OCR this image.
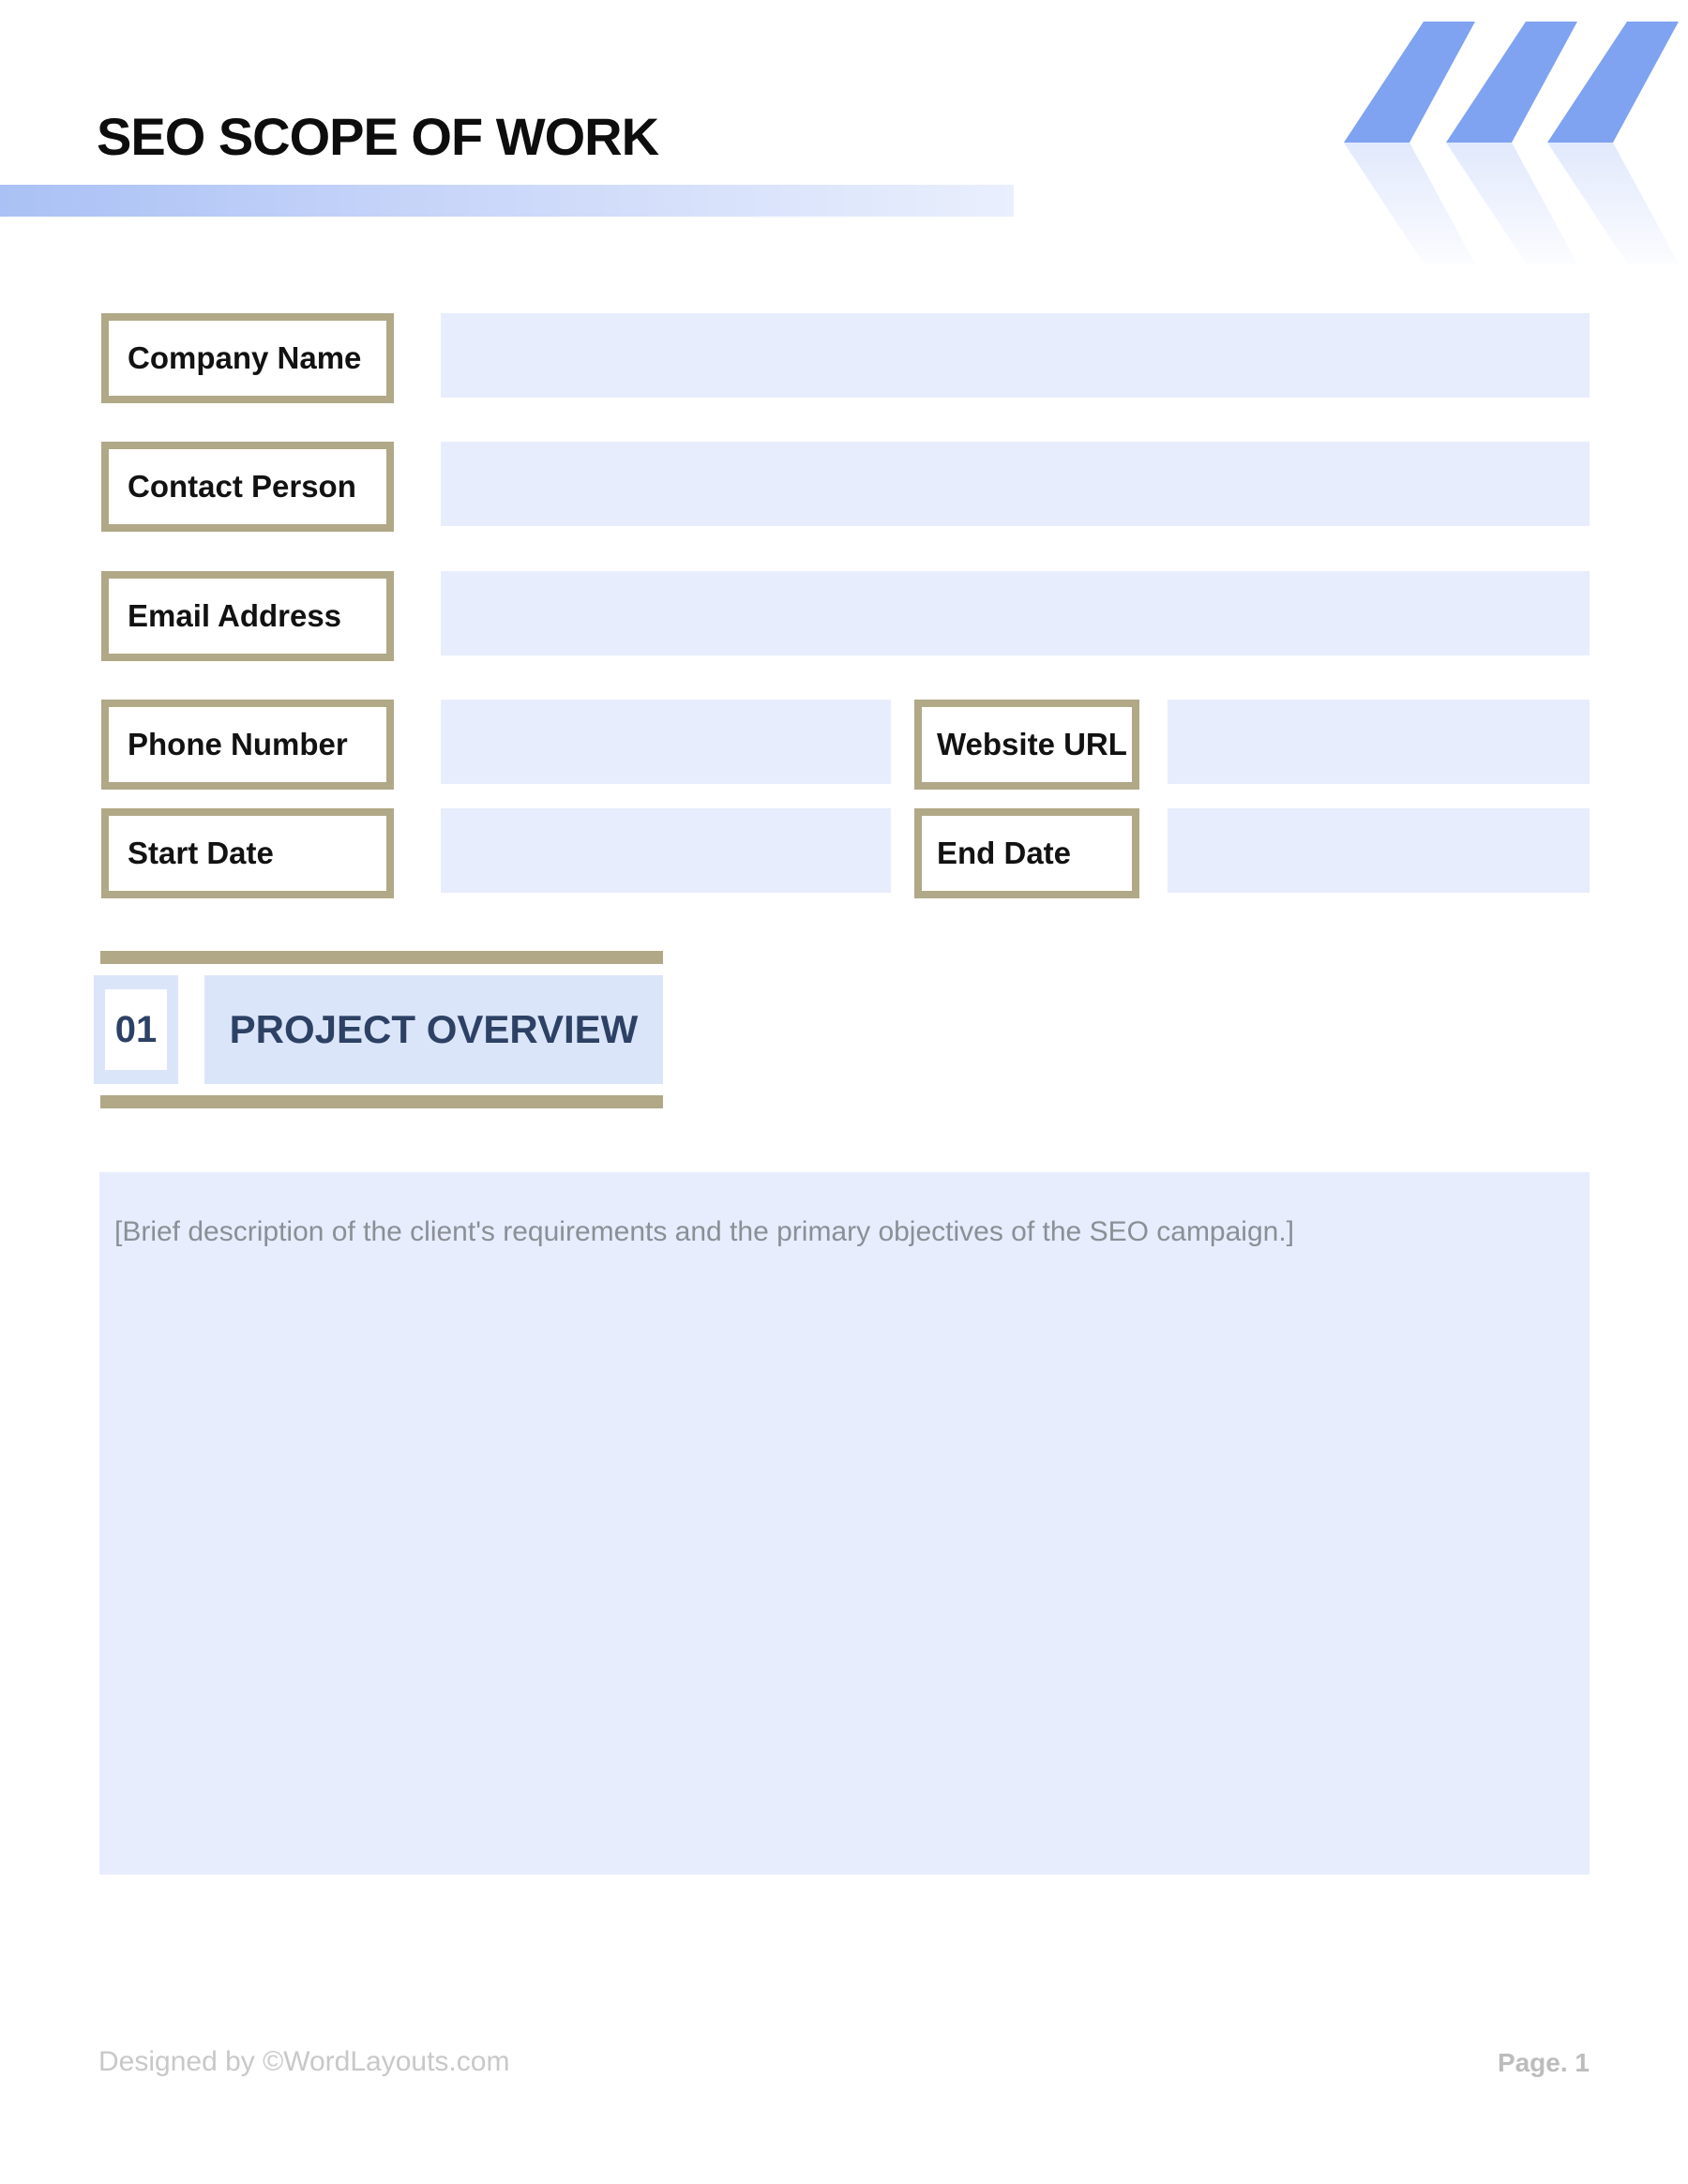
SEO SCOPE OF WORK
Company Name
Contact Person
Email Address
Phone Number	Website URL
Start Date	End Date
01 PROJECT OVERVIEW
[Brief description of the client's requirements and the primary objectives of the SEO campaign.]
Designed by ©WordLayouts.com	Page. 1
